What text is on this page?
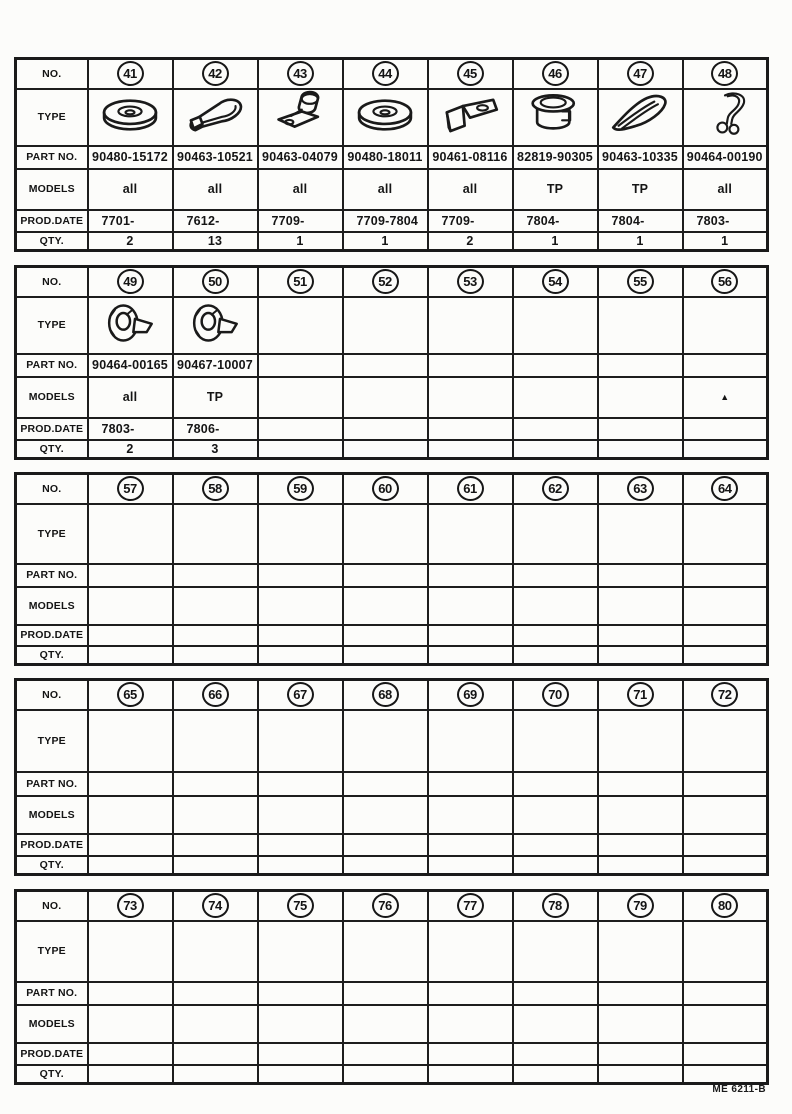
NO.	41	42	43	44	45	46	47	48
TYPE	

PART NO.	90480-15172	90463-10521	90463-04079	90480-18011	90461-08116	82819-90305	90463-10335	90464-00190
MODELS	all	all	all	all	all	TP	TP	all
PROD.DATE	7701-	7612-	7709-	7709-7804	7709-	7804-	7804-	7803-
QTY.	2	13	1	1	2	1	1	1
NO.	49	50	51	52	53	54	55	56
TYPE	

PART NO.	90464-00165	90467-10007						
MODELS	all	TP						▲
PROD.DATE	7803-	7806-						
QTY.	2	3						
NO.	57	58	59	60	61	62	63	64
TYPE								
PART NO.								
MODELS								
PROD.DATE								
QTY.								
NO.	65	66	67	68	69	70	71	72
TYPE								
PART NO.								
MODELS								
PROD.DATE								
QTY.								
NO.	73	74	75	76	77	78	79	80
TYPE								
PART NO.								
MODELS								
PROD.DATE								
QTY.								
ME 6211-B
